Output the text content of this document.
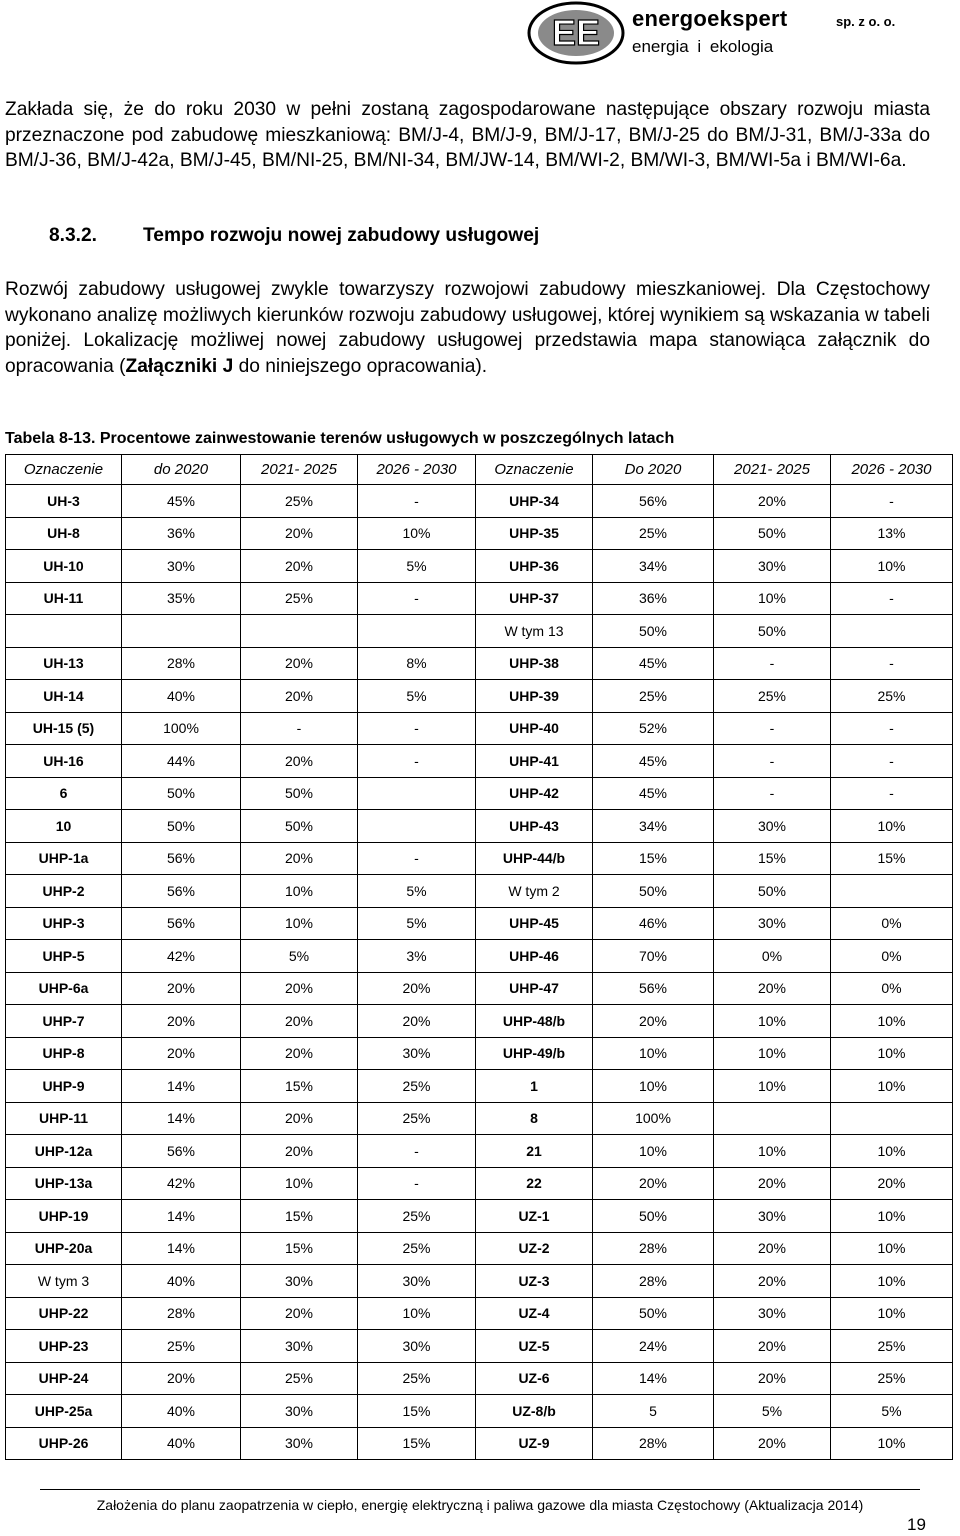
EE energoekspert	sp. z o. o.
energia i ekologia
Zakłada się, że do roku 2030 w pełni zostaną zagospodarowane następujące obszary rozwoju miasta przeznaczone pod zabudowę mieszkaniową: BM/J-4, BM/J-9, BM/J-17, BM/J-25 do BM/J-31, BM/J-33a do BM/J-36, BM/J-42a, BM/J-45, BM/NI-25, BM/NI-34, BM/JW-14, BM/WI-2, BM/WI-3, BM/WI-5a i BM/WI-6a.
8.3.2. Tempo rozwoju nowej zabudowy usługowej
Rozwój zabudowy usługowej zwykle towarzyszy rozwojowi zabudowy mieszkaniowej. Dla Częstochowy wykonano analizę możliwych kierunków rozwoju zabudowy usługowej, której wynikiem są wskazania w tabeli poniżej. Lokalizację możliwej nowej zabudowy usługowej przedstawia mapa stanowiąca załącznik do opracowania (Załączniki J do niniejszego opracowania).
Tabela 8-13. Procentowe zainwestowanie terenów usługowych w poszczególnych latach
Oznaczenie	do 2020	2021- 2025	2026 - 2030	Oznaczenie	Do 2020	2021- 2025	2026 - 2030
UH-3	45%	25%	-	UHP-34	56%	20%	-
UH-8	36%	20%	10%	UHP-35	25%	50%	13%
UH-10	30%	20%	5%	UHP-36	34%	30%	10%
UH-11	35%	25%	-	UHP-37	36%	10%	-
				W tym 13	50%	50%	
UH-13	28%	20%	8%	UHP-38	45%	-	-
UH-14	40%	20%	5%	UHP-39	25%	25%	25%
UH-15 (5)	100%	-	-	UHP-40	52%	-	-
UH-16	44%	20%	-	UHP-41	45%	-	-
6	50%	50%		UHP-42	45%	-	-
10	50%	50%		UHP-43	34%	30%	10%
UHP-1a	56%	20%	-	UHP-44/b	15%	15%	15%
UHP-2	56%	10%	5%	W tym 2	50%	50%	
UHP-3	56%	10%	5%	UHP-45	46%	30%	0%
UHP-5	42%	5%	3%	UHP-46	70%	0%	0%
UHP-6a	20%	20%	20%	UHP-47	56%	20%	0%
UHP-7	20%	20%	20%	UHP-48/b	20%	10%	10%
UHP-8	20%	20%	30%	UHP-49/b	10%	10%	10%
UHP-9	14%	15%	25%	1	10%	10%	10%
UHP-11	14%	20%	25%	8	100%		
UHP-12a	56%	20%	-	21	10%	10%	10%
UHP-13a	42%	10%	-	22	20%	20%	20%
UHP-19	14%	15%	25%	UZ-1	50%	30%	10%
UHP-20a	14%	15%	25%	UZ-2	28%	20%	10%
W tym 3	40%	30%	30%	UZ-3	28%	20%	10%
UHP-22	28%	20%	10%	UZ-4	50%	30%	10%
UHP-23	25%	30%	30%	UZ-5	24%	20%	25%
UHP-24	20%	25%	25%	UZ-6	14%	20%	25%
UHP-25a	40%	30%	15%	UZ-8/b	5	5%	5%
UHP-26	40%	30%	15%	UZ-9	28%	20%	10%
Założenia do planu zaopatrzenia w ciepło, energię elektryczną i paliwa gazowe dla miasta Częstochowy (Aktualizacja 2014)
19
